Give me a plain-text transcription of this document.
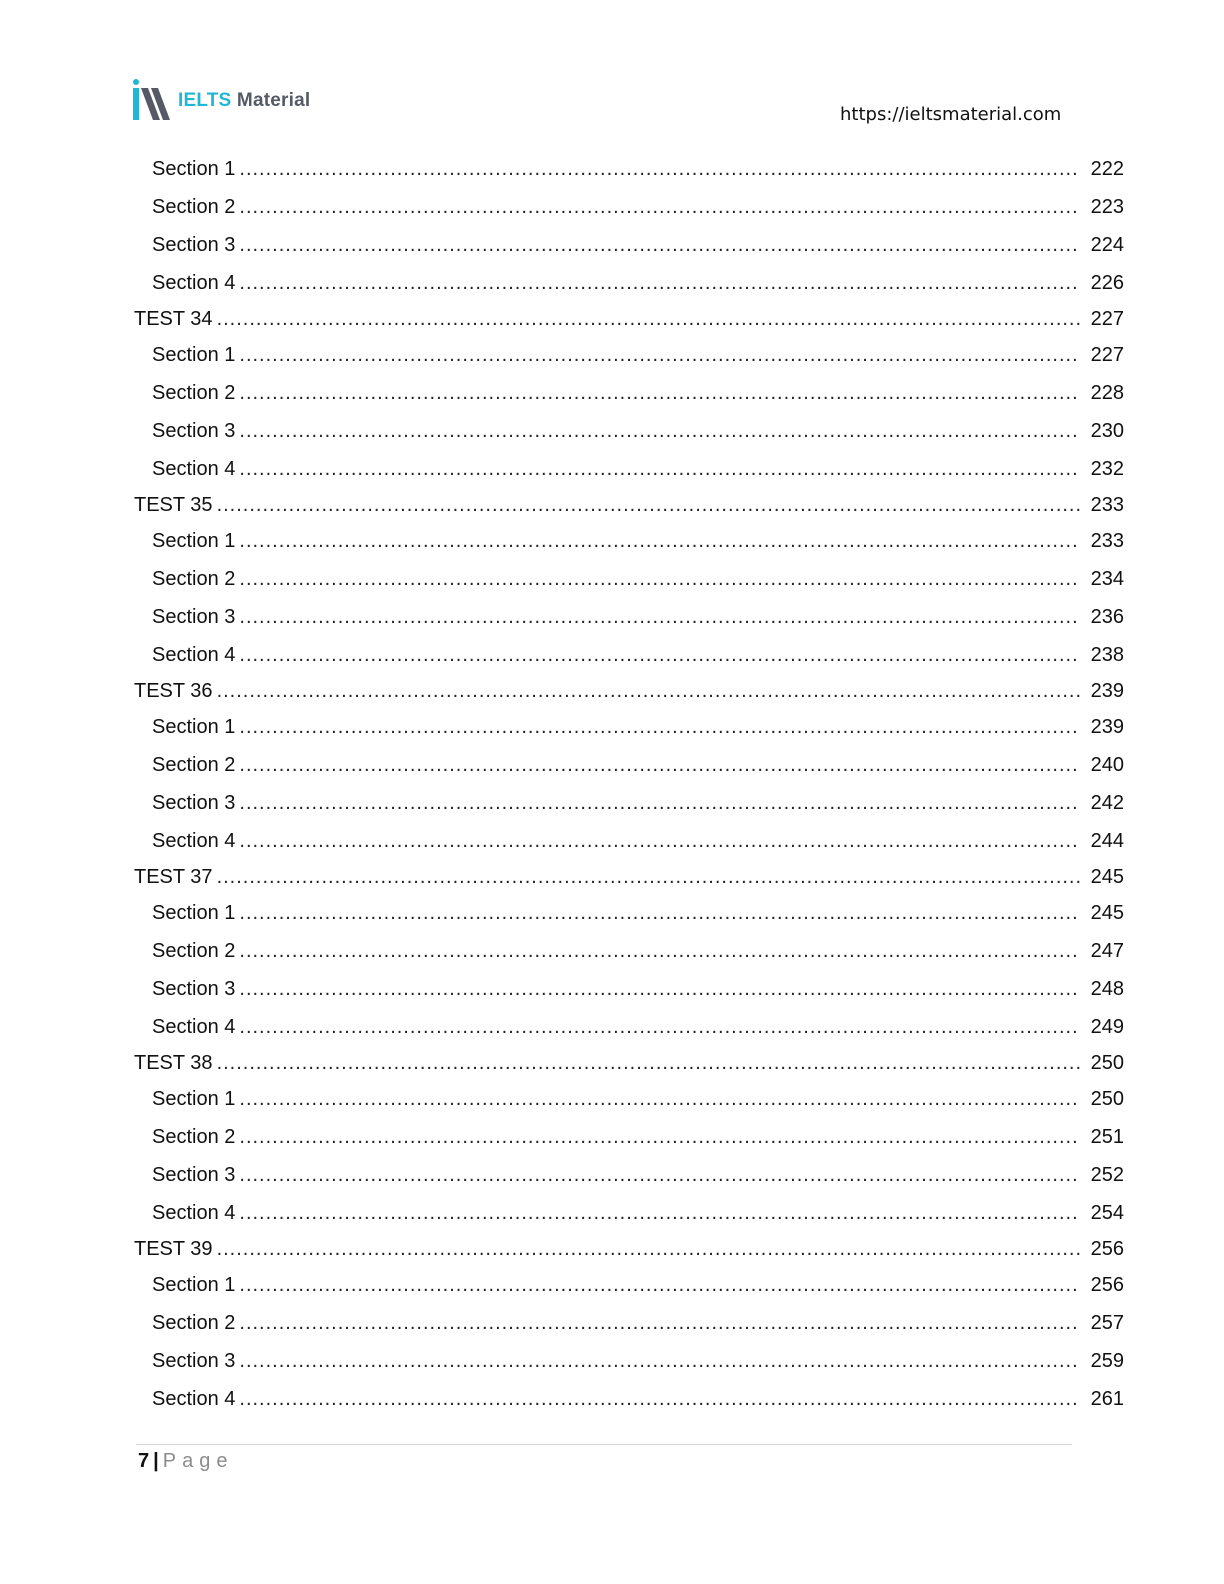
IELTS Material
https://ieltsmaterial.com
Section 1 .....	222
Section 2 .....	223
Section 3 .....	224
Section 4 .....	226
TEST 34 .....	227
Section 1 .....	227
Section 2 .....	228
Section 3 .....	230
Section 4 .....	232
TEST 35 .....	233
Section 1 .....	233
Section 2 .....	234
Section 3 .....	236
Section 4 .....	238
TEST 36 .....	239
Section 1 .....	239
Section 2 .....	240
Section 3 .....	242
Section 4 .....	244
TEST 37 .....	245
Section 1 .....	245
Section 2 .....	247
Section 3 .....	248
Section 4 .....	249
TEST 38 .....	250
Section 1 .....	250
Section 2 .....	251
Section 3 .....	252
Section 4 .....	254
TEST 39 .....	256
Section 1 .....	256
Section 2 .....	257
Section 3 .....	259
Section 4 .....	261
7 | Page
